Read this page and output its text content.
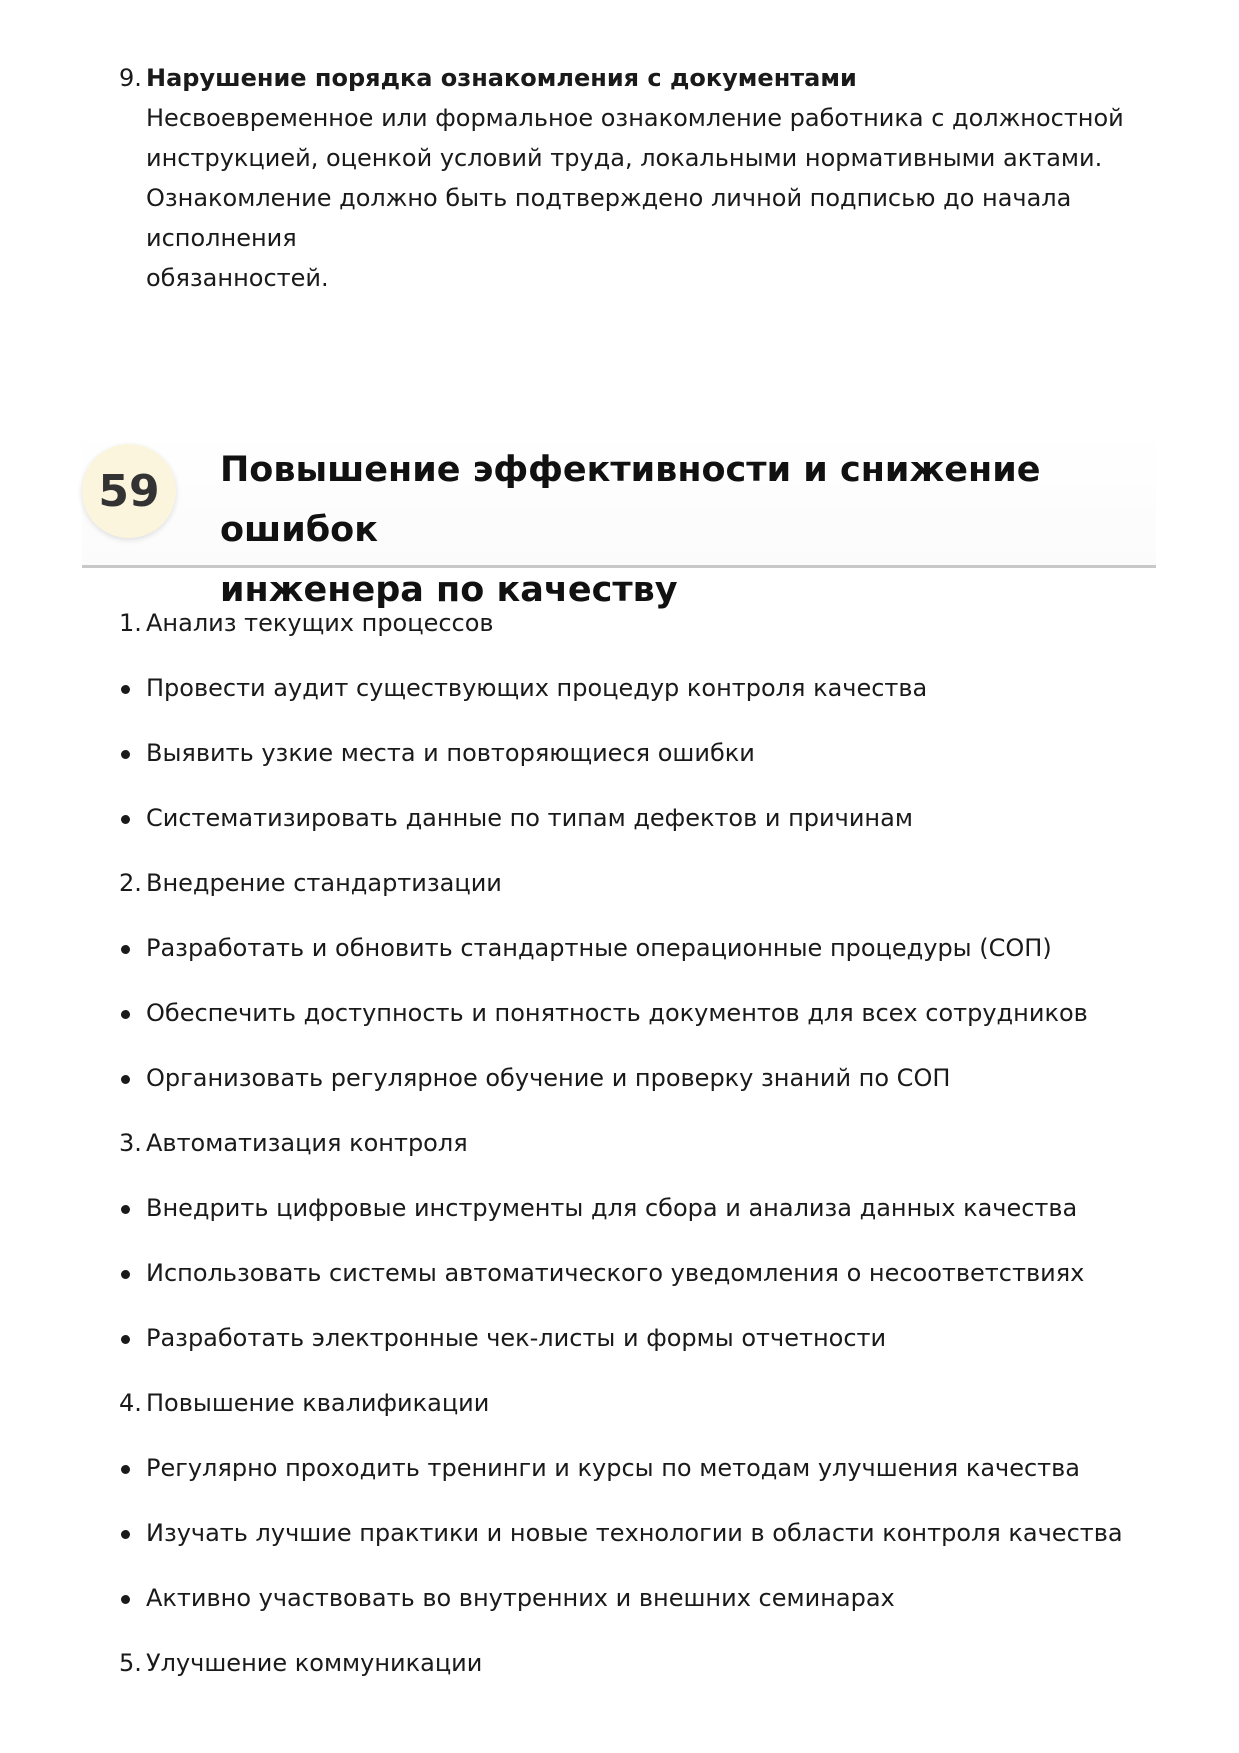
9. Нарушение порядка ознакомления с документами
Несвоевременное или формальное ознакомление работника с должностной
инструкцией, оценкой условий труда, локальными нормативными актами.
Ознакомление должно быть подтверждено личной подписью до начала исполнения
обязанностей.
59	Повышение эффективности и снижение ошибок
инженера по качеству
1. Анализ текущих процессов
Провести аудит существующих процедур контроля качества
Выявить узкие места и повторяющиеся ошибки
Систематизировать данные по типам дефектов и причинам
2. Внедрение стандартизации
Разработать и обновить стандартные операционные процедуры (СОП)
Обеспечить доступность и понятность документов для всех сотрудников
Организовать регулярное обучение и проверку знаний по СОП
3. Автоматизация контроля
Внедрить цифровые инструменты для сбора и анализа данных качества
Использовать системы автоматического уведомления о несоответствиях
Разработать электронные чек-листы и формы отчетности
4. Повышение квалификации
Регулярно проходить тренинги и курсы по методам улучшения качества
Изучать лучшие практики и новые технологии в области контроля качества
Активно участвовать во внутренних и внешних семинарах
5. Улучшение коммуникации
